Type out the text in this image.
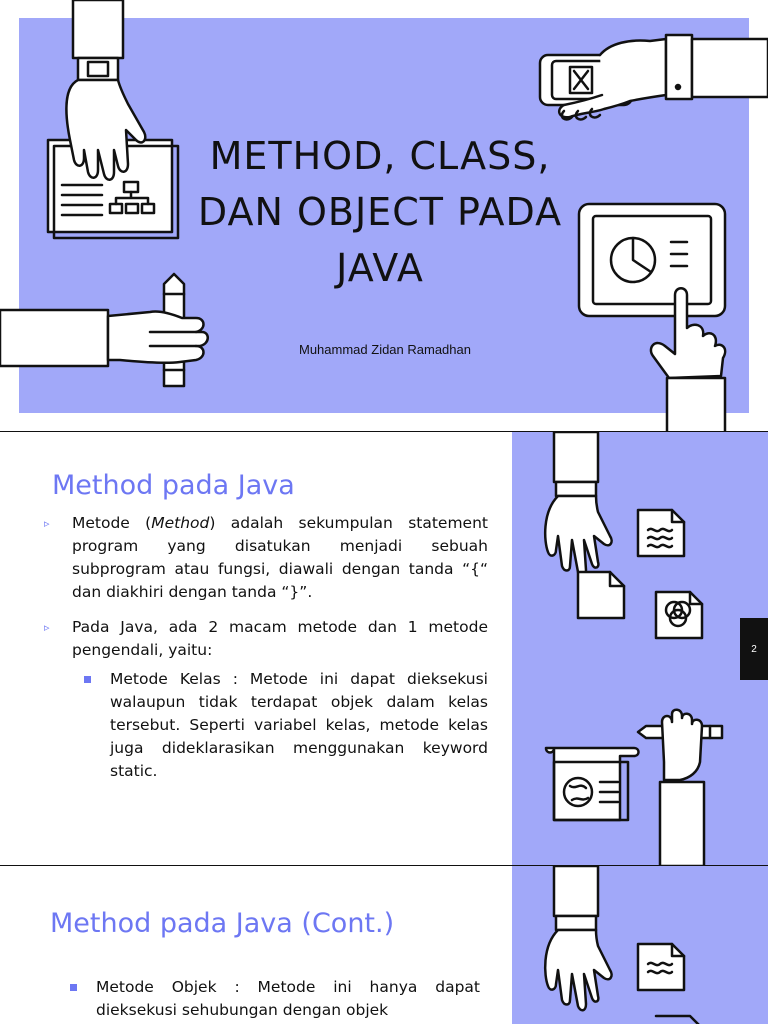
METHOD, CLASS,
DAN OBJECT PADA
JAVA
Muhammad Zidan Ramadhan
Method pada Java

▹ Metode (Method) adalah sekumpulan statement program yang disatukan menjadi sebuah subprogram atau fungsi, diawali dengan tanda “{“ dan diakhiri dengan tanda “}”.

▹ Pada Java, ada 2 macam metode dan 1 metode pengendali, yaitu:

Metode Kelas : Metode ini dapat dieksekusi walaupun tidak terdapat objek dalam kelas tersebut. Seperti variabel kelas, metode kelas juga dideklarasikan menggunakan keyword static.

2
Method pada Java (Cont.)

Metode Objek : Metode ini hanya dapat dieksekusi sehubungan dengan objek
